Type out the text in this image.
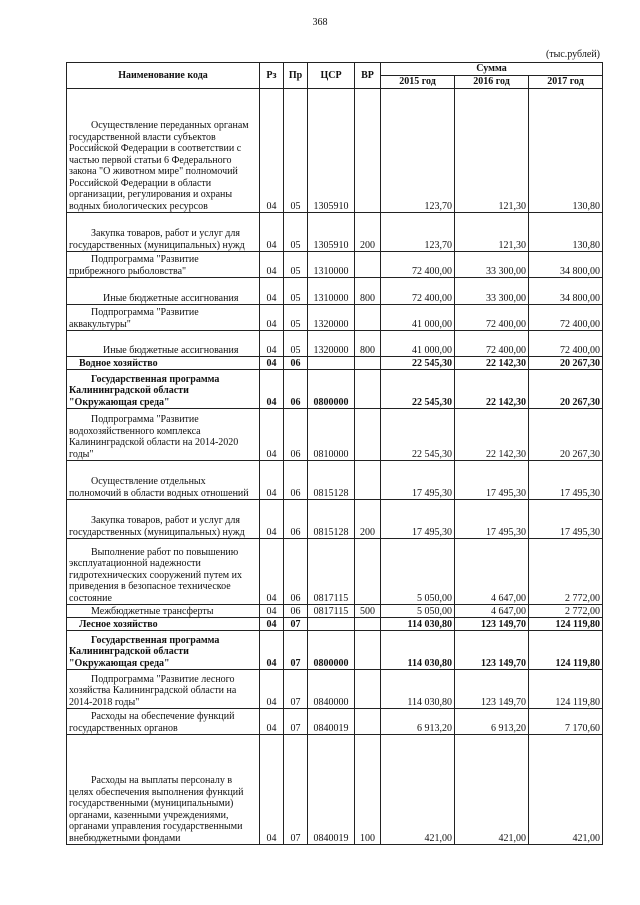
368
(тыс.рублей)
Наименование кода	Рз	Пр	ЦСР	ВР	Сумма		
					2015 год	2016 год	2017 год
Осуществление переданных органам государственной власти субъектов Российской Федерации в соответствии с частью первой статьи 6 Федерального закона "О животном мире" полномочий Российской Федерации в области организации, регулирования и охраны водных биологических ресурсов	04	05	1305910		123,70	121,30	130,80
Закупка товаров, работ и услуг для государственных (муниципальных) нужд	04	05	1305910	200	123,70	121,30	130,80
Подпрограмма "Развитие прибрежного рыболовства"	04	05	1310000		72 400,00	33 300,00	34 800,00
Иные бюджетные ассигнования	04	05	1310000	800	72 400,00	33 300,00	34 800,00
Подпрограмма "Развитие аквакультуры"	04	05	1320000		41 000,00	72 400,00	72 400,00
Иные бюджетные ассигнования	04	05	1320000	800	41 000,00	72 400,00	72 400,00
Водное хозяйство	04	06			22 545,30	22 142,30	20 267,30
Государственная программа Калининградской области "Окружающая среда"	04	06	0800000		22 545,30	22 142,30	20 267,30
Подпрограмма "Развитие водохозяйственного комплекса Калининградской области на 2014-2020 годы"	04	06	0810000		22 545,30	22 142,30	20 267,30
Осуществление отдельных полномочий в области водных отношений	04	06	0815128		17 495,30	17 495,30	17 495,30
Закупка товаров, работ и услуг для государственных (муниципальных) нужд	04	06	0815128	200	17 495,30	17 495,30	17 495,30
Выполнение работ по повышению эксплуатационной надежности гидротехнических сооружений путем их приведения в безопасное техническое состояние	04	06	0817115		5 050,00	4 647,00	2 772,00
Межбюджетные трансферты	04	06	0817115	500	5 050,00	4 647,00	2 772,00
Лесное хозяйство	04	07			114 030,80	123 149,70	124 119,80
Государственная программа Калининградской области "Окружающая среда"	04	07	0800000		114 030,80	123 149,70	124 119,80
Подпрограмма "Развитие лесного хозяйства Калининградской области на 2014-2018 годы"	04	07	0840000		114 030,80	123 149,70	124 119,80
Расходы на обеспечение функций государственных органов	04	07	0840019		6 913,20	6 913,20	7 170,60
Расходы на выплаты персоналу в целях обеспечения выполнения функций государственными (муниципальными) органами, казенными учреждениями, органами управления государственными внебюджетными фондами	04	07	0840019	100	421,00	421,00	421,00
